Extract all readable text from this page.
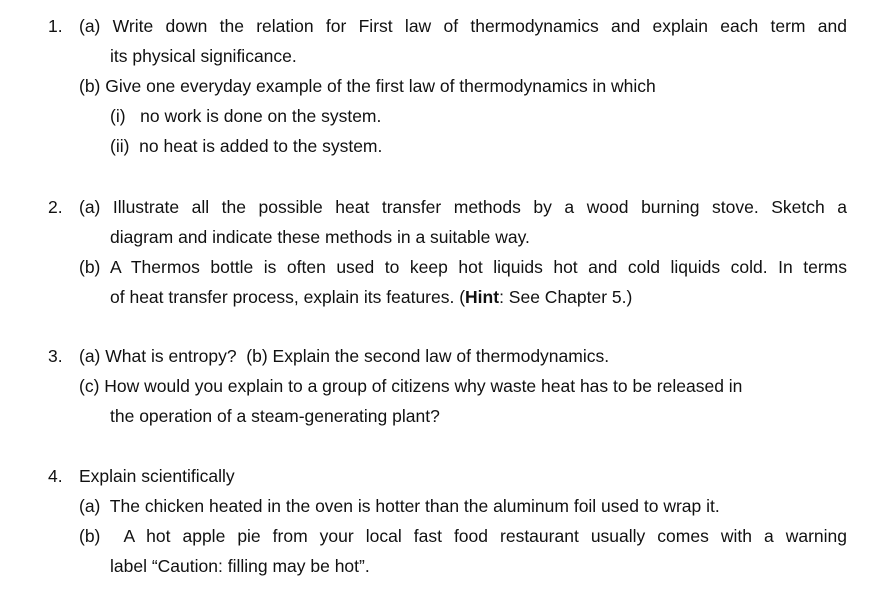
1. (a) Write down the relation for First law of thermodynamics and explain each term and
its physical significance.
(b) Give one everyday example of the first law of thermodynamics in which
(i)   no work is done on the system.
(ii)  no heat is added to the system.
2. (a) Illustrate all the possible heat transfer methods by a wood burning stove. Sketch a
diagram and indicate these methods in a suitable way.
(b) A Thermos bottle is often used to keep hot liquids hot and cold liquids cold. In terms
of heat transfer process, explain its features. (Hint: See Chapter 5.)
3. (a) What is entropy?  (b) Explain the second law of thermodynamics.
(c) How would you explain to a group of citizens why waste heat has to be released in
the operation of a steam-generating plant?
4. Explain scientifically
(a)  The chicken heated in the oven is hotter than the aluminum foil used to wrap it.
(b)  A hot apple pie from your local fast food restaurant usually comes with a warning
label “Caution: filling may be hot”.
